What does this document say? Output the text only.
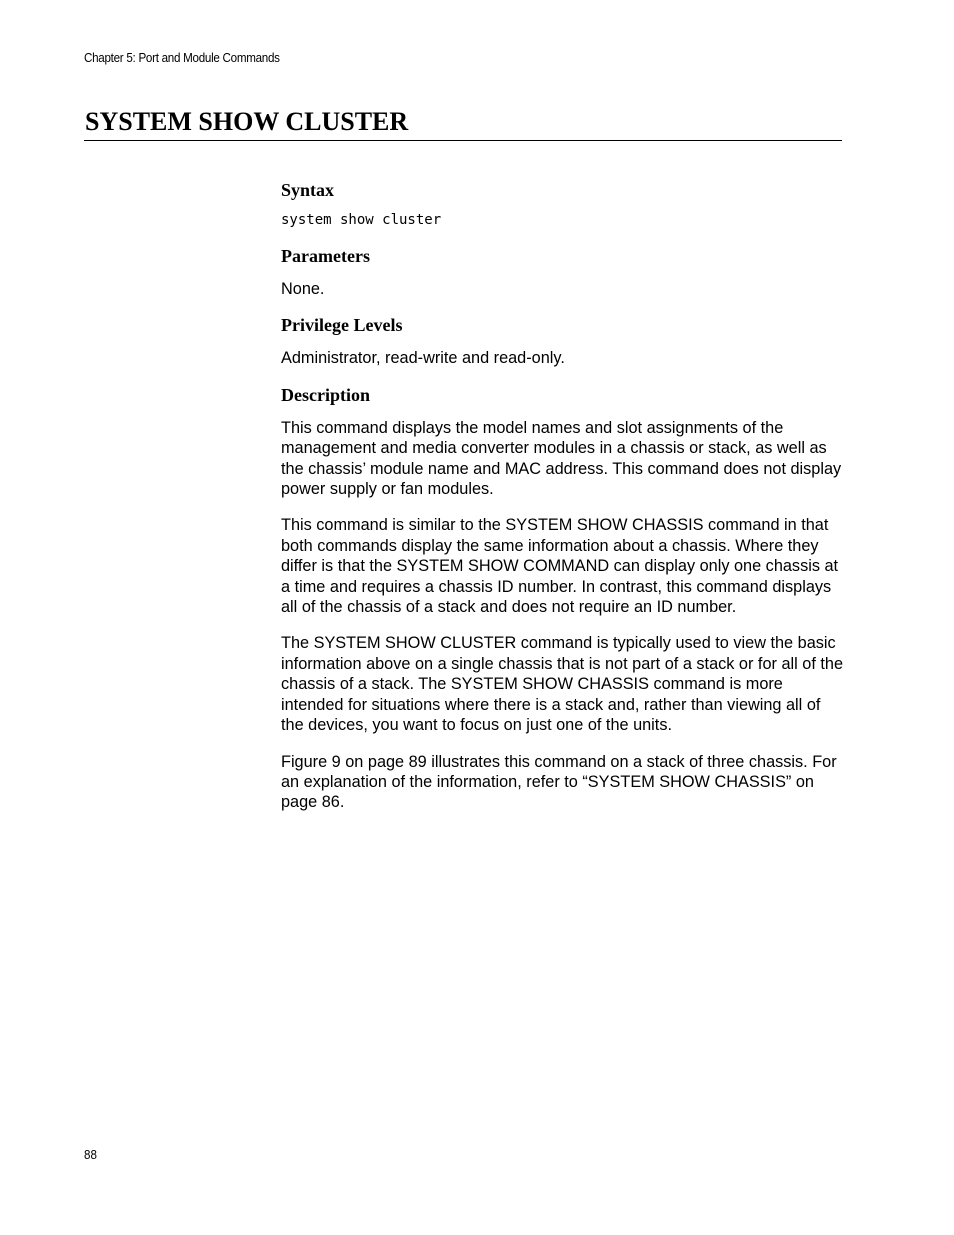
Chapter 5: Port and Module Commands
SYSTEM SHOW CLUSTER
Syntax

system show cluster

Parameters

None.

Privilege Levels

Administrator, read-write and read-only.

Description

This command displays the model names and slot assignments of the management and media converter modules in a chassis or stack, as well as the chassis’ module name and MAC address. This command does not display power supply or fan modules.

This command is similar to the SYSTEM SHOW CHASSIS command in that both commands display the same information about a chassis. Where they differ is that the SYSTEM SHOW COMMAND can display only one chassis at a time and requires a chassis ID number. In contrast, this command displays all of the chassis of a stack and does not require an ID number.

The SYSTEM SHOW CLUSTER command is typically used to view the basic information above on a single chassis that is not part of a stack or for all of the chassis of a stack. The SYSTEM SHOW CHASSIS command is more intended for situations where there is a stack and, rather than viewing all of the devices, you want to focus on just one of the units.

Figure 9 on page 89 illustrates this command on a stack of three chassis. For an explanation of the information, refer to “SYSTEM SHOW CHASSIS” on page 86.

88
